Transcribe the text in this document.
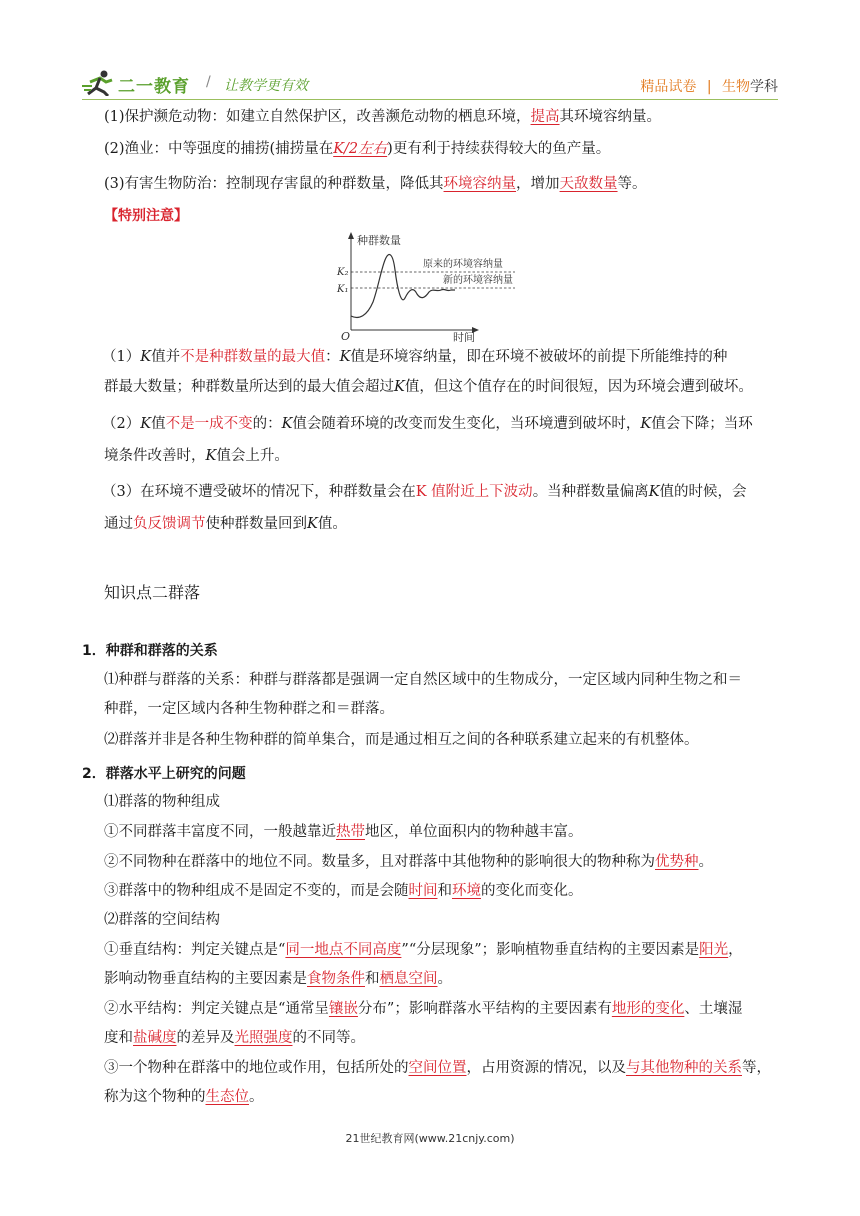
二一教育 / 让教学更有效	精品试卷 | 生物学科
(1)保护濒危动物：如建立自然保护区，改善濒危动物的栖息环境，提高其环境容纳量。
(2)渔业：中等强度的捕捞(捕捞量在K/2左右)更有利于持续获得较大的鱼产量。
(3)有害生物防治：控制现存害鼠的种群数量，降低其环境容纳量，增加天敌数量等。
【特别注意】
种群数量
O	时间
K₂
K₁
原来的环境容纳量
新的环境容纳量
（1）K值并不是种群数量的最大值：K值是环境容纳量，即在环境不被破坏的前提下所能维持的种
群最大数量；种群数量所达到的最大值会超过K值，但这个值存在的时间很短，因为环境会遭到破坏。
（2）K值不是一成不变的：K值会随着环境的改变而发生变化，当环境遭到破坏时，K值会下降；当环
境条件改善时，K值会上升。
（3）在环境不遭受破坏的情况下，种群数量会在K 值附近上下波动。当种群数量偏离K值的时候，会
通过负反馈调节使种群数量回到K值。
知识点二群落
1．种群和群落的关系
⑴种群与群落的关系：种群与群落都是强调一定自然区域中的生物成分，一定区域内同种生物之和＝
种群，一定区域内各种生物种群之和＝群落。
⑵群落并非是各种生物种群的简单集合，而是通过相互之间的各种联系建立起来的有机整体。
2．群落水平上研究的问题
⑴群落的物种组成
①不同群落丰富度不同，一般越靠近热带地区，单位面积内的物种越丰富。
②不同物种在群落中的地位不同。数量多，且对群落中其他物种的影响很大的物种称为优势种。
③群落中的物种组成不是固定不变的，而是会随时间和环境的变化而变化。
⑵群落的空间结构
①垂直结构：判定关键点是“同一地点不同高度”“分层现象”；影响植物垂直结构的主要因素是阳光，
影响动物垂直结构的主要因素是食物条件和栖息空间。
②水平结构：判定关键点是“通常呈镶嵌分布”；影响群落水平结构的主要因素有地形的变化、土壤湿
度和盐碱度的差异及光照强度的不同等。
③一个物种在群落中的地位或作用，包括所处的空间位置，占用资源的情况，以及与其他物种的关系等，
称为这个物种的生态位。
21世纪教育网(www.21cnjy.com)
